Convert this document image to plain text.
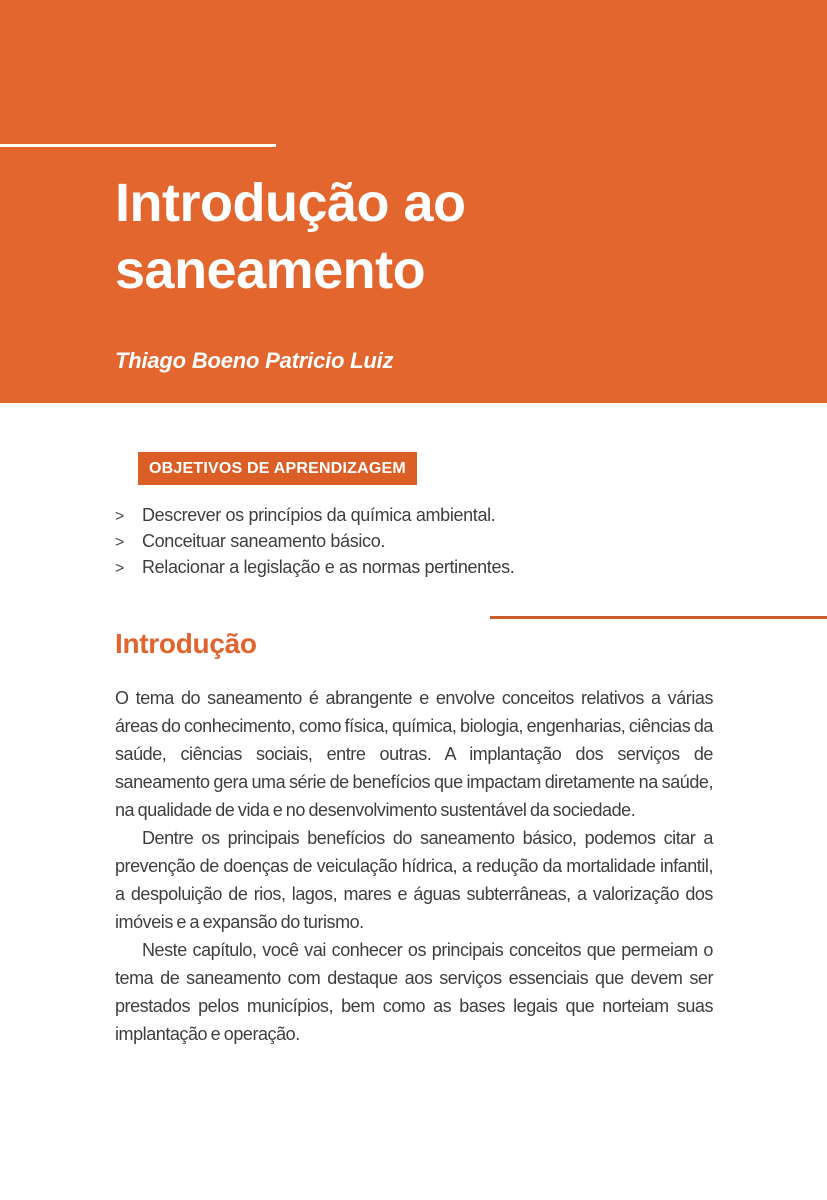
Introdução ao
saneamento

Thiago Boeno Patricio Luiz

OBJETIVOS DE APRENDIZAGEM
>	Descrever os princípios da química ambiental.
>	Conceituar saneamento básico.
>	Relacionar a legislação e as normas pertinentes.
Introdução

O tema do saneamento é abrangente e envolve conceitos relativos a várias áreas do conhecimento, como física, química, biologia, engenharias, ciências da saúde, ciências sociais, entre outras. A implantação dos serviços de saneamento gera uma série de benefícios que impactam diretamente na saúde, na qualidade de vida e no desenvolvimento sustentável da sociedade.

Dentre os principais benefícios do saneamento básico, podemos citar a prevenção de doenças de veiculação hídrica, a redução da mortalidade infantil, a despoluição de rios, lagos, mares e águas subterrâneas, a valorização dos imóveis e a expansão do turismo.

Neste capítulo, você vai conhecer os principais conceitos que permeiam o tema de saneamento com destaque aos serviços essenciais que devem ser prestados pelos municípios, bem como as bases legais que norteiam suas implantação e operação.
